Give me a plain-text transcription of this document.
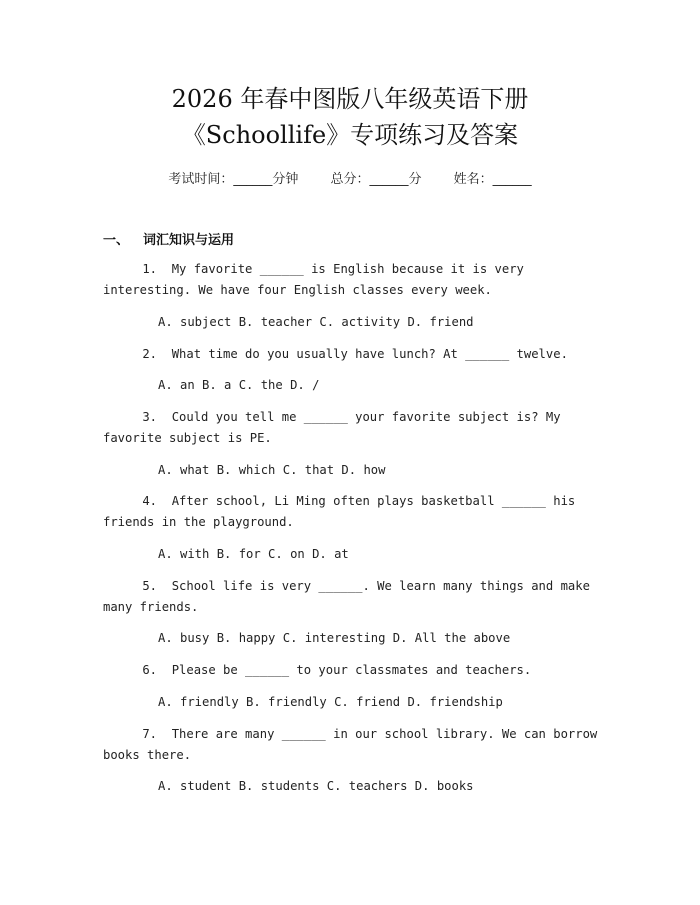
2026 年春中图版八年级英语下册
《Schoollife》专项练习及答案
考试时间：______分钟 总分：______分 姓名：______
一、 词汇知识与运用
1. My favorite ______ is English because it is very interesting. We have four English classes every week.
A. subject B. teacher C. activity D. friend
2. What time do you usually have lunch? At ______ twelve.
A. an B. a C. the D. /
3. Could you tell me ______ your favorite subject is? My favorite subject is PE.
A. what B. which C. that D. how
4. After school, Li Ming often plays basketball ______ his friends in the playground.
A. with B. for C. on D. at
5. School life is very ______. We learn many things and make many friends.
A. busy B. happy C. interesting D. All the above
6. Please be ______ to your classmates and teachers.
A. friendly B. friendly C. friend D. friendship
7. There are many ______ in our school library. We can borrow books there.
A. student B. students C. teachers D. books
